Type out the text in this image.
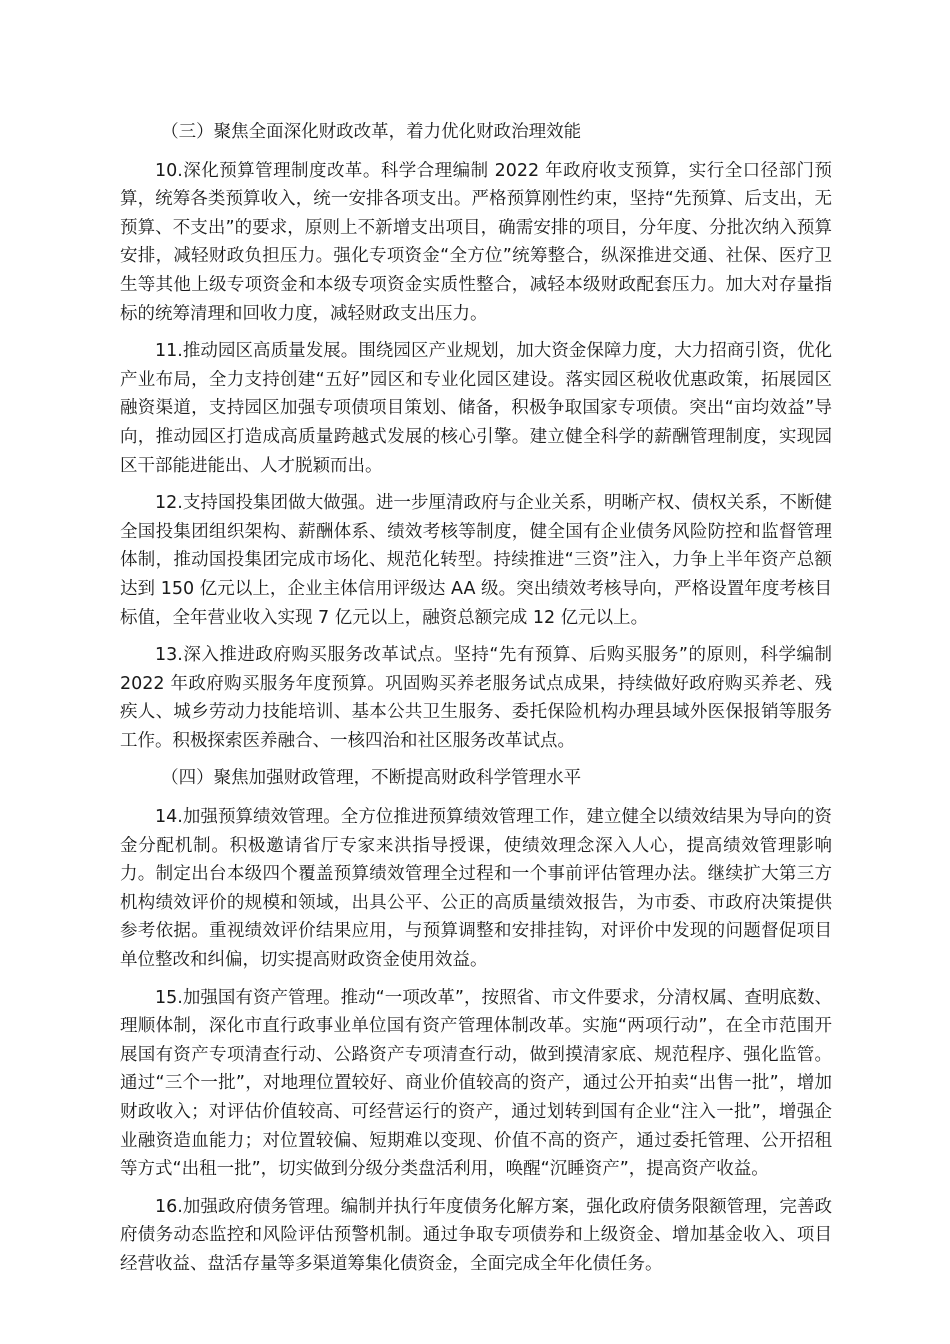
（三）聚焦全面深化财政改革，着力优化财政治理效能

10.深化预算管理制度改革。科学合理编制 2022 年政府收支预算，实行全口径部门预算，统筹各类预算收入，统一安排各项支出。严格预算刚性约束，坚持“先预算、后支出，无预算、不支出”的要求，原则上不新增支出项目，确需安排的项目，分年度、分批次纳入预算安排，减轻财政负担压力。强化专项资金“全方位”统筹整合，纵深推进交通、社保、医疗卫生等其他上级专项资金和本级专项资金实质性整合，减轻本级财政配套压力。加大对存量指标的统筹清理和回收力度，减轻财政支出压力。

11.推动园区高质量发展。围绕园区产业规划，加大资金保障力度，大力招商引资，优化产业布局，全力支持创建“五好”园区和专业化园区建设。落实园区税收优惠政策，拓展园区融资渠道，支持园区加强专项债项目策划、储备，积极争取国家专项债。突出“亩均效益”导向，推动园区打造成高质量跨越式发展的核心引擎。建立健全科学的薪酬管理制度，实现园区干部能进能出、人才脱颖而出。

12.支持国投集团做大做强。进一步厘清政府与企业关系，明晰产权、债权关系，不断健全国投集团组织架构、薪酬体系、绩效考核等制度，健全国有企业债务风险防控和监督管理体制，推动国投集团完成市场化、规范化转型。持续推进“三资”注入，力争上半年资产总额达到 150 亿元以上，企业主体信用评级达 AA 级。突出绩效考核导向，严格设置年度考核目标值，全年营业收入实现 7 亿元以上，融资总额完成 12 亿元以上。

13.深入推进政府购买服务改革试点。坚持“先有预算、后购买服务”的原则，科学编制 2022 年政府购买服务年度预算。巩固购买养老服务试点成果，持续做好政府购买养老、残疾人、城乡劳动力技能培训、基本公共卫生服务、委托保险机构办理县域外医保报销等服务工作。积极探索医养融合、一核四治和社区服务改革试点。

（四）聚焦加强财政管理，不断提高财政科学管理水平

14.加强预算绩效管理。全方位推进预算绩效管理工作，建立健全以绩效结果为导向的资金分配机制。积极邀请省厅专家来洪指导授课，使绩效理念深入人心，提高绩效管理影响力。制定出台本级四个覆盖预算绩效管理全过程和一个事前评估管理办法。继续扩大第三方机构绩效评价的规模和领域，出具公平、公正的高质量绩效报告，为市委、市政府决策提供参考依据。重视绩效评价结果应用，与预算调整和安排挂钩，对评价中发现的问题督促项目单位整改和纠偏，切实提高财政资金使用效益。

15.加强国有资产管理。推动“一项改革”，按照省、市文件要求，分清权属、查明底数、理顺体制，深化市直行政事业单位国有资产管理体制改革。实施“两项行动”，在全市范围开展国有资产专项清查行动、公路资产专项清查行动，做到摸清家底、规范程序、强化监管。通过“三个一批”，对地理位置较好、商业价值较高的资产，通过公开拍卖“出售一批”，增加财政收入；对评估价值较高、可经营运行的资产，通过划转到国有企业“注入一批”，增强企业融资造血能力；对位置较偏、短期难以变现、价值不高的资产，通过委托管理、公开招租等方式“出租一批”，切实做到分级分类盘活利用，唤醒“沉睡资产”，提高资产收益。

16.加强政府债务管理。编制并执行年度债务化解方案，强化政府债务限额管理，完善政府债务动态监控和风险评估预警机制。通过争取专项债券和上级资金、增加基金收入、项目经营收益、盘活存量等多渠道筹集化债资金，全面完成全年化债任务。
